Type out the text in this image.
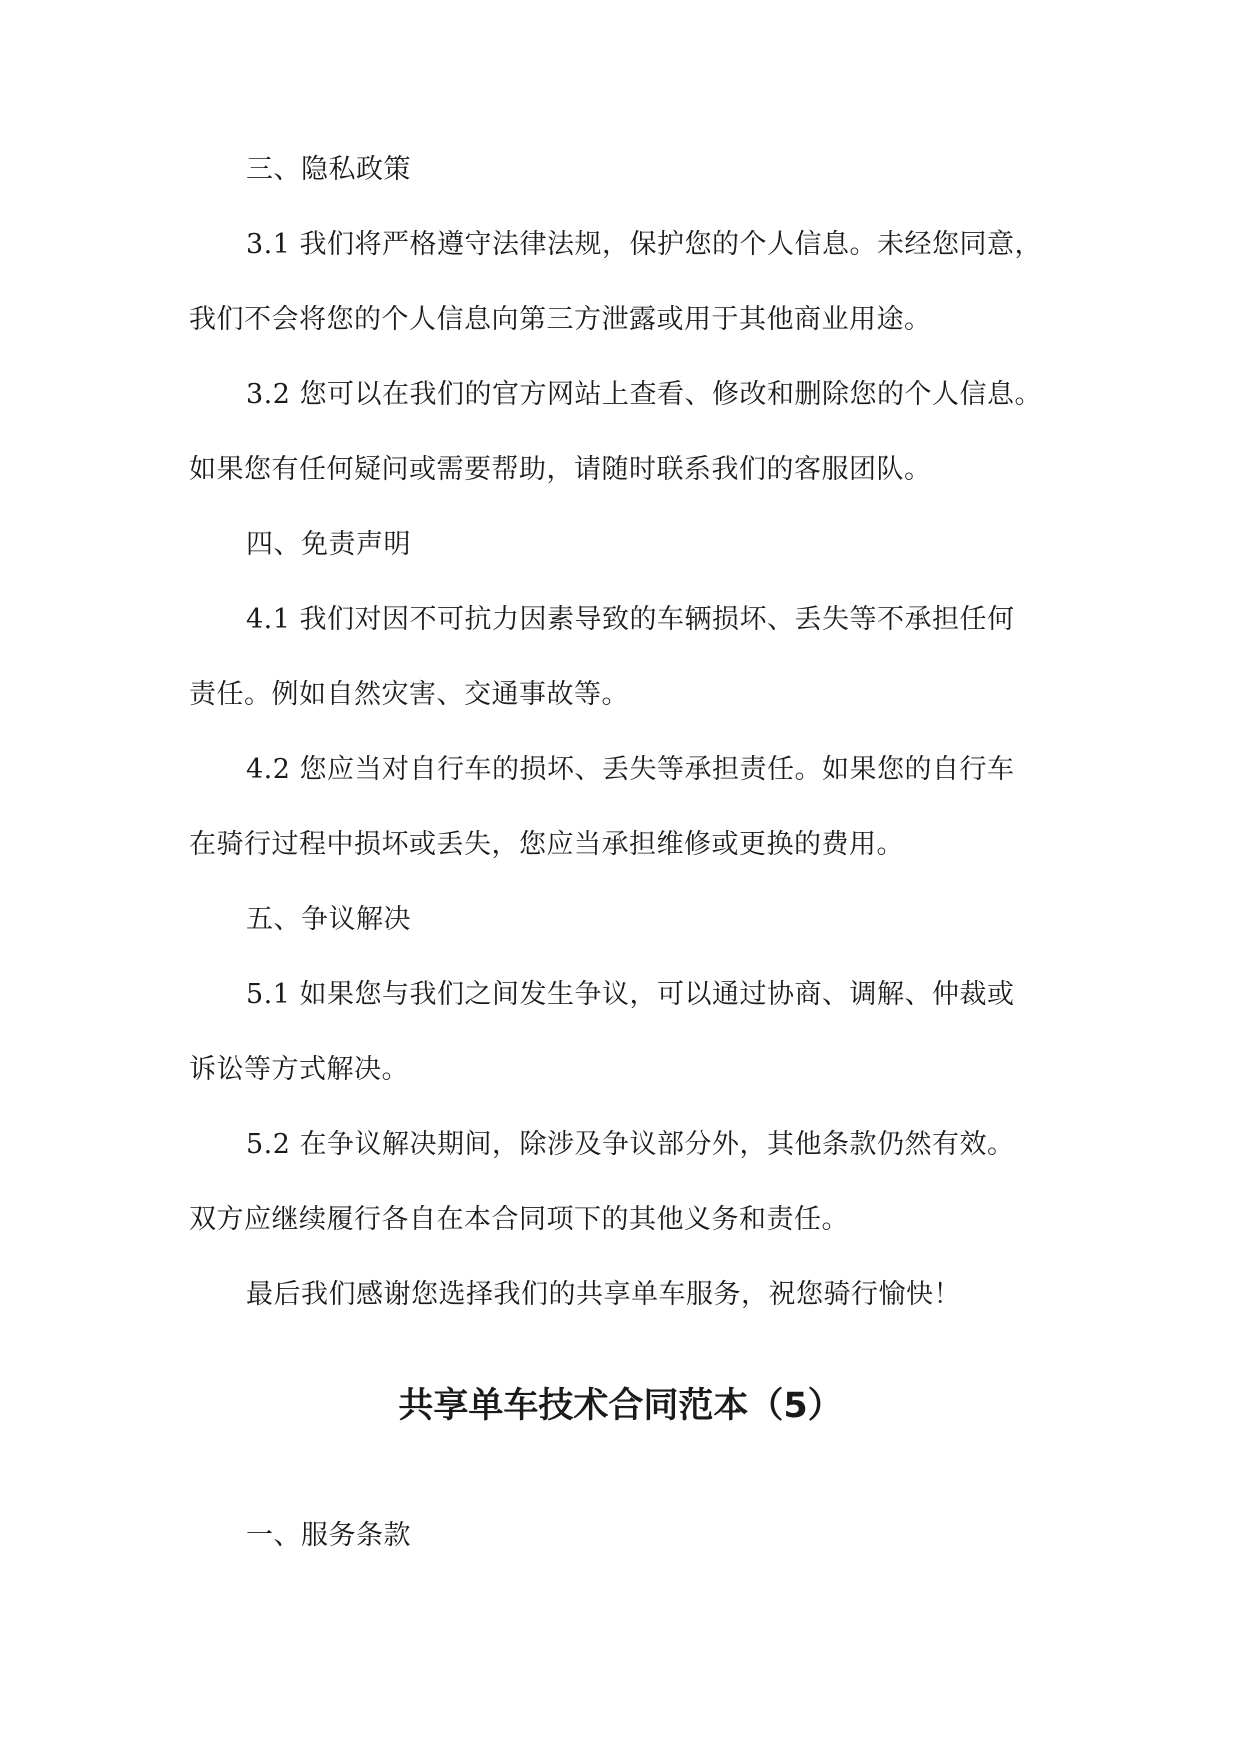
三、隐私政策
3.1 我们将严格遵守法律法规，保护您的个人信息。未经您同意，
我们不会将您的个人信息向第三方泄露或用于其他商业用途。
3.2 您可以在我们的官方网站上查看、修改和删除您的个人信息。
如果您有任何疑问或需要帮助，请随时联系我们的客服团队。
四、免责声明
4.1 我们对因不可抗力因素导致的车辆损坏、丢失等不承担任何
责任。例如自然灾害、交通事故等。
4.2 您应当对自行车的损坏、丢失等承担责任。如果您的自行车
在骑行过程中损坏或丢失，您应当承担维修或更换的费用。
五、争议解决
5.1 如果您与我们之间发生争议，可以通过协商、调解、仲裁或
诉讼等方式解决。
5.2 在争议解决期间，除涉及争议部分外，其他条款仍然有效。
双方应继续履行各自在本合同项下的其他义务和责任。
最后我们感谢您选择我们的共享单车服务，祝您骑行愉快！
共享单车技术合同范本（5）
一、服务条款
